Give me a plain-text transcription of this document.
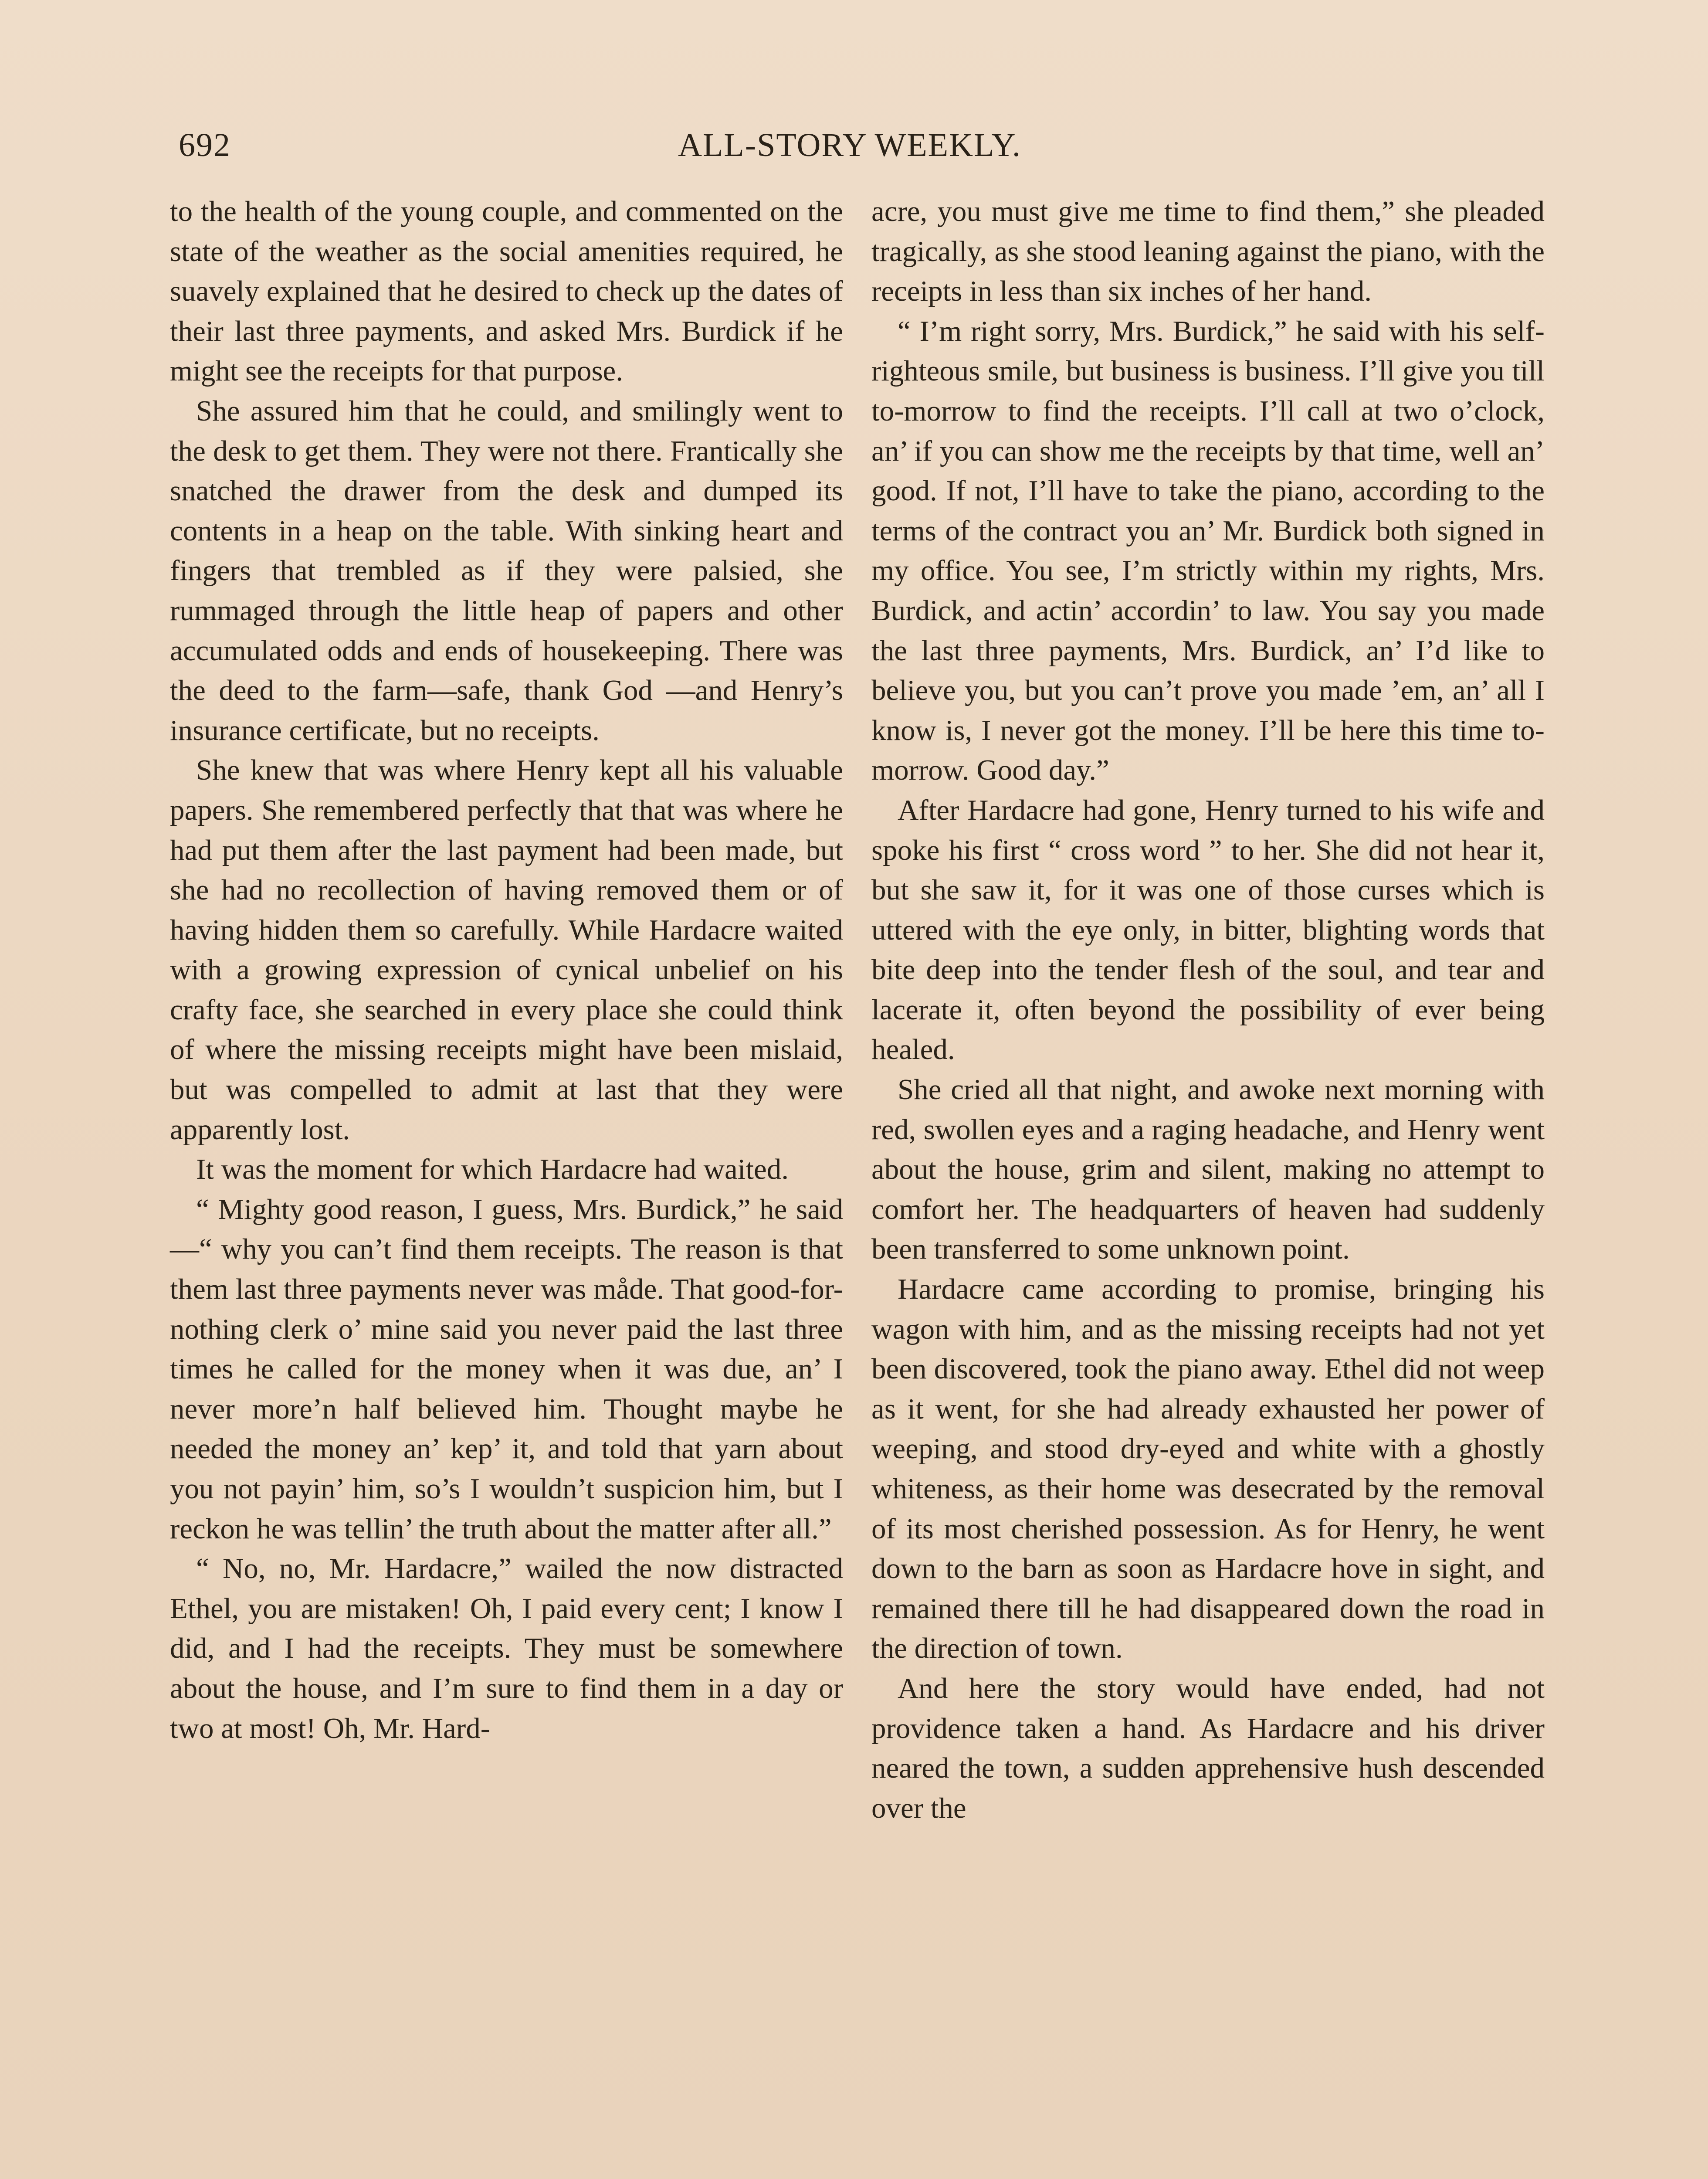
692	ALL-STORY WEEKLY.

to the health of the young couple, and commented on the state of the weather as the social amenities required, he suavely explained that he desired to check up the dates of their last three payments, and asked Mrs. Burdick if he might see the receipts for that purpose.

She assured him that he could, and smilingly went to the desk to get them. They were not there. Frantically she snatched the drawer from the desk and dumped its contents in a heap on the table. With sinking heart and fingers that trembled as if they were palsied, she rummaged through the little heap of papers and other accumulated odds and ends of housekeeping. There was the deed to the farm—safe, thank God —and Henry’s insurance certificate, but no receipts.

She knew that was where Henry kept all his valuable papers. She remembered perfectly that that was where he had put them after the last payment had been made, but she had no recollection of having removed them or of having hidden them so carefully. While Hardacre waited with a growing expression of cynical unbelief on his crafty face, she searched in every place she could think of where the missing receipts might have been mislaid, but was compelled to admit at last that they were apparently lost.

It was the moment for which Hardacre had waited.

“ Mighty good reason, I guess, Mrs. Burdick,” he said—“ why you can’t find them receipts. The reason is that them last three payments never was måde. That good-for-nothing clerk o’ mine said you never paid the last three times he called for the money when it was due, an’ I never more’n half believed him. Thought maybe he needed the money an’ kep’ it, and told that yarn about you not payin’ him, so’s I wouldn’t suspicion him, but I reckon he was tellin’ the truth about the matter after all.”

“ No, no, Mr. Hardacre,” wailed the now distracted Ethel, you are mistaken! Oh, I paid every cent; I know I did, and I had the receipts. They must be somewhere about the house, and I’m sure to find them in a day or two at most! Oh, Mr. Hard-

acre, you must give me time to find them,” she pleaded tragically, as she stood leaning against the piano, with the receipts in less than six inches of her hand.

“ I’m right sorry, Mrs. Burdick,” he said with his self-righteous smile, but business is business. I’ll give you till to-morrow to find the receipts. I’ll call at two o’clock, an’ if you can show me the receipts by that time, well an’ good. If not, I’ll have to take the piano, according to the terms of the contract you an’ Mr. Burdick both signed in my office. You see, I’m strictly within my rights, Mrs. Burdick, and actin’ accordin’ to law. You say you made the last three payments, Mrs. Burdick, an’ I’d like to believe you, but you can’t prove you made ’em, an’ all I know is, I never got the money. I’ll be here this time to-morrow. Good day.”

After Hardacre had gone, Henry turned to his wife and spoke his first “ cross word ” to her. She did not hear it, but she saw it, for it was one of those curses which is uttered with the eye only, in bitter, blighting words that bite deep into the tender flesh of the soul, and tear and lacerate it, often beyond the possibility of ever being healed.

She cried all that night, and awoke next morning with red, swollen eyes and a raging headache, and Henry went about the house, grim and silent, making no attempt to comfort her. The headquarters of heaven had suddenly been transferred to some unknown point.

Hardacre came according to promise, bringing his wagon with him, and as the missing receipts had not yet been discovered, took the piano away. Ethel did not weep as it went, for she had already exhausted her power of weeping, and stood dry-eyed and white with a ghostly whiteness, as their home was desecrated by the removal of its most cherished possession. As for Henry, he went down to the barn as soon as Hardacre hove in sight, and remained there till he had disappeared down the road in the direction of town.

And here the story would have ended, had not providence taken a hand. As Hardacre and his driver neared the town, a sudden apprehensive hush descended over the
